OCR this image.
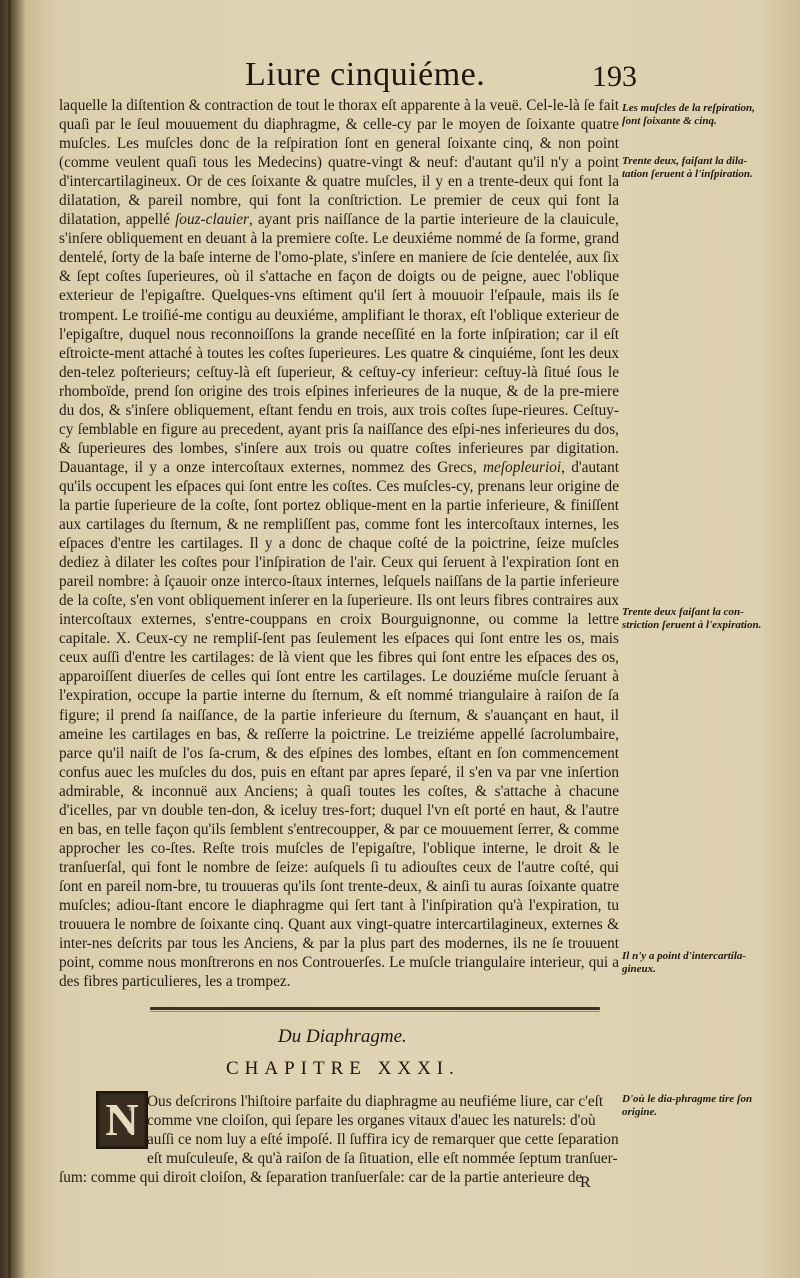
Liure cinquiéme.	193

laquelle la diſtention & contraction de tout le thorax eſt apparente à la veuë. Cel-le-là ſe fait quaſi par le ſeul mouuement du diaphragme, & celle-cy par le moyen de ſoixante quatre muſcles. Les muſcles donc de la reſpiration ſont en general ſoixante cinq, & non point (comme veulent quaſi tous les Medecins) quatre-vingt & neuf: d'autant qu'il n'y a point d'intercartilagineux. Or de ces ſoixante & quatre muſcles, il y en a trente-deux qui font la dilatation, & pareil nombre, qui font la conſtriction. Le premier de ceux qui font la dilatation, appellé ſouz-clauier, ayant pris naiſſance de la partie interieure de la clauicule, s'inſere obliquement en deuant à la premiere coſte. Le deuxiéme nommé de ſa forme, grand dentelé, ſorty de la baſe interne de l'omo-plate, s'inſere en maniere de ſcie dentelée, aux ſix & ſept coſtes ſuperieures, où il s'attache en façon de doigts ou de peigne, auec l'oblique exterieur de l'epigaſtre. Quelques-vns eſtiment qu'il ſert à mouuoir l'eſpaule, mais ils ſe trompent. Le troiſié-me contigu au deuxiéme, amplifiant le thorax, eſt l'oblique exterieur de l'epigaſtre, duquel nous reconnoiſſons la grande neceſſité en la forte inſpiration; car il eſt eſtroicte-ment attaché à toutes les coſtes ſuperieures. Les quatre & cinquiéme, ſont les deux den-telez poſterieurs; ceſtuy-là eſt ſuperieur, & ceſtuy-cy inferieur: ceſtuy-là ſitué ſous le rhomboïde, prend ſon origine des trois eſpines inferieures de la nuque, & de la pre-miere du dos, & s'inſere obliquement, eſtant fendu en trois, aux trois coſtes ſupe-rieures. Ceſtuy-cy ſemblable en figure au precedent, ayant pris ſa naiſſance des eſpi-nes inferieures du dos, & ſuperieures des lombes, s'inſere aux trois ou quatre coſtes inferieures par digitation. Dauantage, il y a onze intercoſtaux externes, nommez des Grecs, meſopleurioi, d'autant qu'ils occupent les eſpaces qui ſont entre les coſtes. Ces muſcles-cy, prenans leur origine de la partie ſuperieure de la coſte, ſont portez oblique-ment en la partie inferieure, & finiſſent aux cartilages du ſternum, & ne rempliſſent pas, comme font les intercoſtaux internes, les eſpaces d'entre les cartilages. Il y a donc de chaque coſté de la poictrine, ſeize muſcles dediez à dilater les coſtes pour l'inſpiration de l'air. Ceux qui ſeruent à l'expiration ſont en pareil nombre: à ſçauoir onze interco-ſtaux internes, leſquels naiſſans de la partie inferieure de la coſte, s'en vont obliquement inſerer en la ſuperieure. Ils ont leurs fibres contraires aux intercoſtaux externes, s'entre-couppans en croix Bourguignonne, ou comme la lettre capitale. X. Ceux-cy ne rempliſ-ſent pas ſeulement les eſpaces qui ſont entre les os, mais ceux auſſi d'entre les cartilages: de là vient que les fibres qui ſont entre les eſpaces des os, apparoiſſent diuerſes de celles qui ſont entre les cartilages. Le douziéme muſcle ſeruant à l'expiration, occupe la partie interne du ſternum, & eſt nommé triangulaire à raiſon de ſa figure; il prend ſa naiſſance, de la partie inferieure du ſternum, & s'auançant en haut, il ameine les cartilages en bas, & reſſerre la poictrine. Le treiziéme appellé ſacrolumbaire, parce qu'il naiſt de l'os ſa-crum, & des eſpines des lombes, eſtant en ſon commencement confus auec les muſcles du dos, puis en eſtant par apres ſeparé, il s'en va par vne inſertion admirable, & inconnuë aux Anciens; à quaſi toutes les coſtes, & s'attache à chacune d'icelles, par vn double ten-don, & iceluy tres-fort; duquel l'vn eſt porté en haut, & l'autre en bas, en telle façon qu'ils ſemblent s'entrecoupper, & par ce mouuement ſerrer, & comme approcher les co-ſtes. Reſte trois muſcles de l'epigaſtre, l'oblique interne, le droit & le tranſuerſal, qui font le nombre de ſeize: auſquels ſi tu adiouſtes ceux de l'autre coſté, qui ſont en pareil nom-bre, tu trouueras qu'ils ſont trente-deux, & ainſi tu auras ſoixante quatre muſcles; adiou-ſtant encore le diaphragme qui ſert tant à l'inſpiration qu'à l'expiration, tu trouuera le nombre de ſoixante cinq. Quant aux vingt-quatre intercartilagineux, externes & inter-nes deſcrits par tous les Anciens, & par la plus part des modernes, ils ne ſe trouuent point, comme nous monſtrerons en nos Controuerſes. Le muſcle triangulaire interieur, qui a des fibres particulieres, les a trompez.

Les muſcles de la reſpiration, ſont ſoixante & cinq.
Trente deux, faiſant la dila-tation ſeruent à l'inſpiration.
Trente deux faiſant la con-striction ſeruent à l'expiration.
Il n'y a point d'intercartila-gineux.
D'où le dia-phragme tire ſon origine.
Du Diaphragme.
CHAPITRE XXXI.
N Ous deſcrirons l'hiſtoire parfaite du diaphragme au neufiéme liure, car c'eſt
comme vne cloiſon, qui ſepare les organes vitaux d'auec les naturels: d'où
auſſi ce nom luy a eſté impoſé. Il ſuffira icy de remarquer que cette ſeparation
eſt muſculeuſe, & qu'à raiſon de ſa ſituation, elle eſt nommée ſeptum tranſuer-
ſum: comme qui diroit cloiſon, & ſeparation tranſuerſale: car de la partie anterieure de
R
